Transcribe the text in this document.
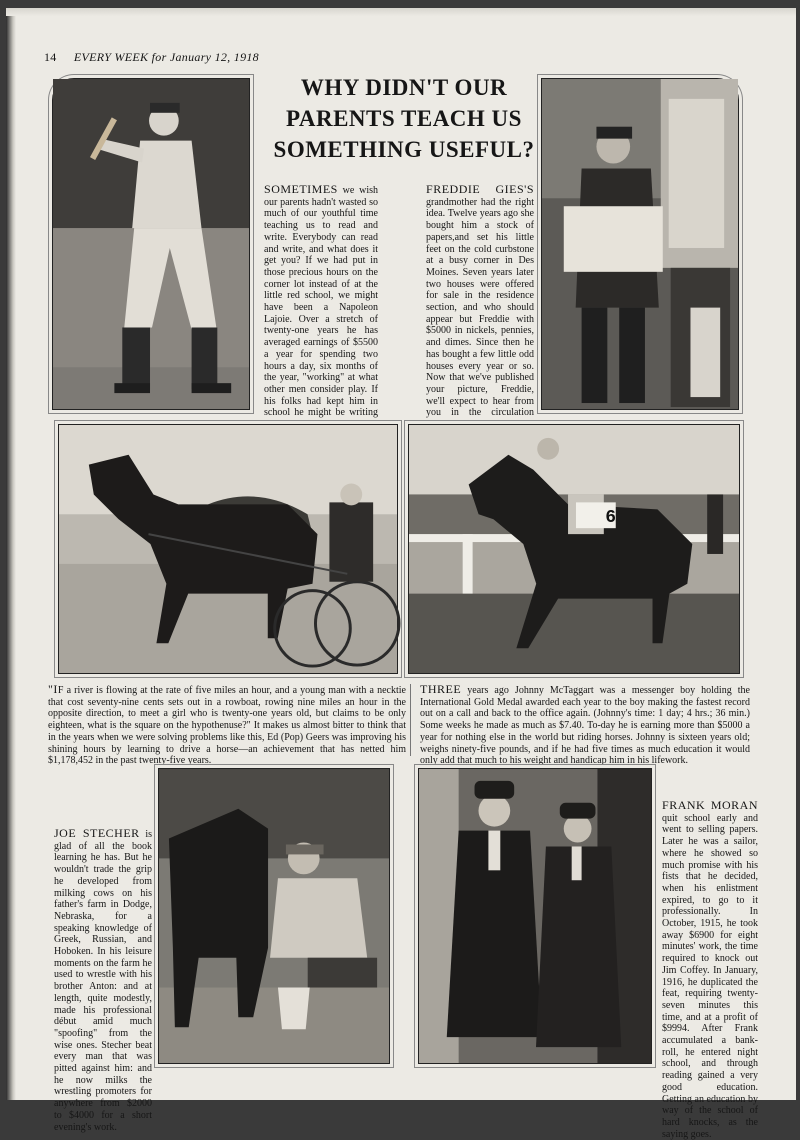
14 EVERY WEEK for January 12, 1918
WHY DIDN'T OUR PARENTS TEACH US SOMETHING USEFUL?
SOMETIMES we wish our parents hadn't wasted so much of our youthful time teaching us to read and write. Everybody can read and write, and what does it get you? If we had put in those precious hours on the corner lot instead of at the little red school, we might have been a Napoleon Lajoie. Over a stretch of twenty-one years he has averaged earnings of $5500 a year for spending two hours a day, six months of the year, "working" at what other men consider play. If his folks had kept him in school he might be writing
FREDDIE GIES'S grandmother had the right idea. Twelve years ago she bought him a stock of papers,and set his little feet on the cold curbstone at a busy corner in Des Moines. Seven years later two houses were offered for sale in the residence section, and who should appear but Freddie with $5000 in nickels, pennies, and dimes. Since then he has bought a few little odd houses every year or so. Now that we've published your picture, Freddie, we'll expect to hear from you in the circulation
6
"IF a river is flowing at the rate of five miles an hour, and a young man with a necktie that cost seventy-nine cents sets out in a rowboat, rowing nine miles an hour in the opposite direction, to meet a girl who is twenty-one years old, but claims to be only eighteen, what is the square on the hypothenuse?" It makes us almost bitter to think that in the years when we were solving problems like this, Ed (Pop) Geers was improving his shining hours by learning to drive a horse—an achievement that has netted him $1,178,452 in the past twenty-five years.
THREE years ago Johnny McTaggart was a messenger boy holding the International Gold Medal awarded each year to the boy making the fastest record out on a call and back to the office again. (Johnny's time: 1 day; 4 hrs.; 36 min.) Some weeks he made as much as $7.40. To-day he is earning more than $5000 a year for nothing else in the world but riding horses. Johnny is sixteen years old; weighs ninety-five pounds, and if he had five times as much education it would only add that much to his weight and handicap him in his lifework.
JOE STECHER is glad of all the book learning he has. But he wouldn't trade the grip he developed from milking cows on his father's farm in Dodge, Nebraska, for a speaking knowledge of Greek, Russian, and Hoboken. In his leisure moments on the farm he used to wrestle with his brother Anton: and at length, quite modestly, made his professional début amid much "spoofing" from the wise ones. Stecher beat every man that was pitted against him: and he now milks the wrestling promoters for anywhere from $2000 to $4000 for a short evening's work.
FRANK MORAN quit school early and went to selling papers. Later he was a sailor, where he showed so much promise with his fists that he decided, when his enlistment expired, to go to it professionally. In October, 1915, he took away $6900 for eight minutes' work, the time required to knock out Jim Coffey. In January, 1916, he duplicated the feat, requiring twenty-seven minutes this time, and at a profit of $9994. After Frank accumulated a bank-roll, he entered night school, and through reading gained a very good education. Getting an education by way of the school of hard knocks, as the saying goes.
